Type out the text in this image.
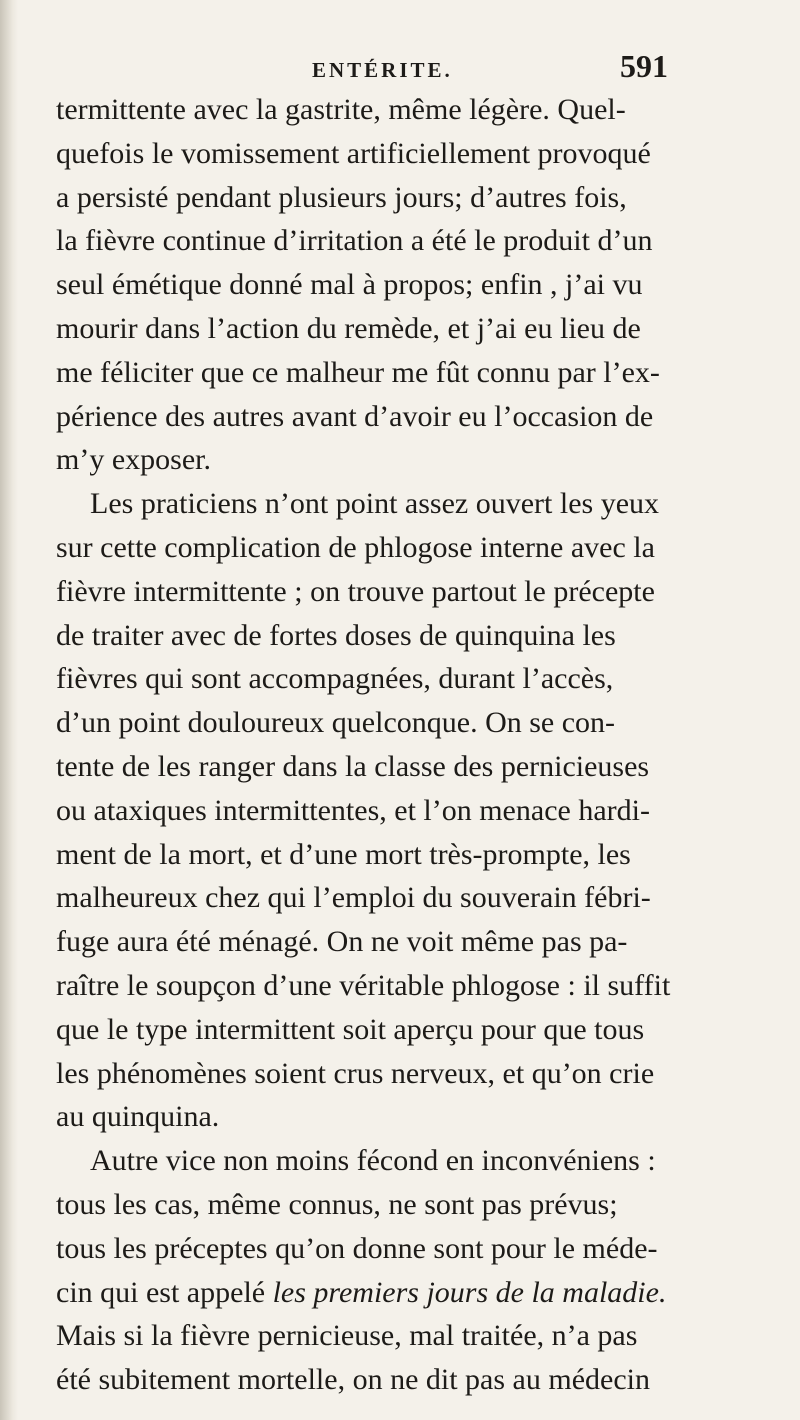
ENTÉRITE.	591
termittente avec la gastrite, même légère. Quel-
quefois le vomissement artificiellement provoqué
a persisté pendant plusieurs jours; d’autres fois,
la fièvre continue d’irritation a été le produit d’un
seul émétique donné mal à propos; enfin , j’ai vu
mourir dans l’action du remède, et j’ai eu lieu de
me féliciter que ce malheur me fût connu par l’ex-
périence des autres avant d’avoir eu l’occasion de
m’y exposer.
Les praticiens n’ont point assez ouvert les yeux
sur cette complication de phlogose interne avec la
fièvre intermittente ; on trouve partout le précepte
de traiter avec de fortes doses de quinquina les
fièvres qui sont accompagnées, durant l’accès,
d’un point douloureux quelconque. On se con-
tente de les ranger dans la classe des pernicieuses
ou ataxiques intermittentes, et l’on menace hardi-
ment de la mort, et d’une mort très-prompte, les
malheureux chez qui l’emploi du souverain fébri-
fuge aura été ménagé. On ne voit même pas pa-
raître le soupçon d’une véritable phlogose : il suffit
que le type intermittent soit aperçu pour que tous
les phénomènes soient crus nerveux, et qu’on crie
au quinquina.
Autre vice non moins fécond en inconvéniens :
tous les cas, même connus, ne sont pas prévus;
tous les préceptes qu’on donne sont pour le méde-
cin qui est appelé les premiers jours de la maladie.
Mais si la fièvre pernicieuse, mal traitée, n’a pas
été subitement mortelle, on ne dit pas au médecin
